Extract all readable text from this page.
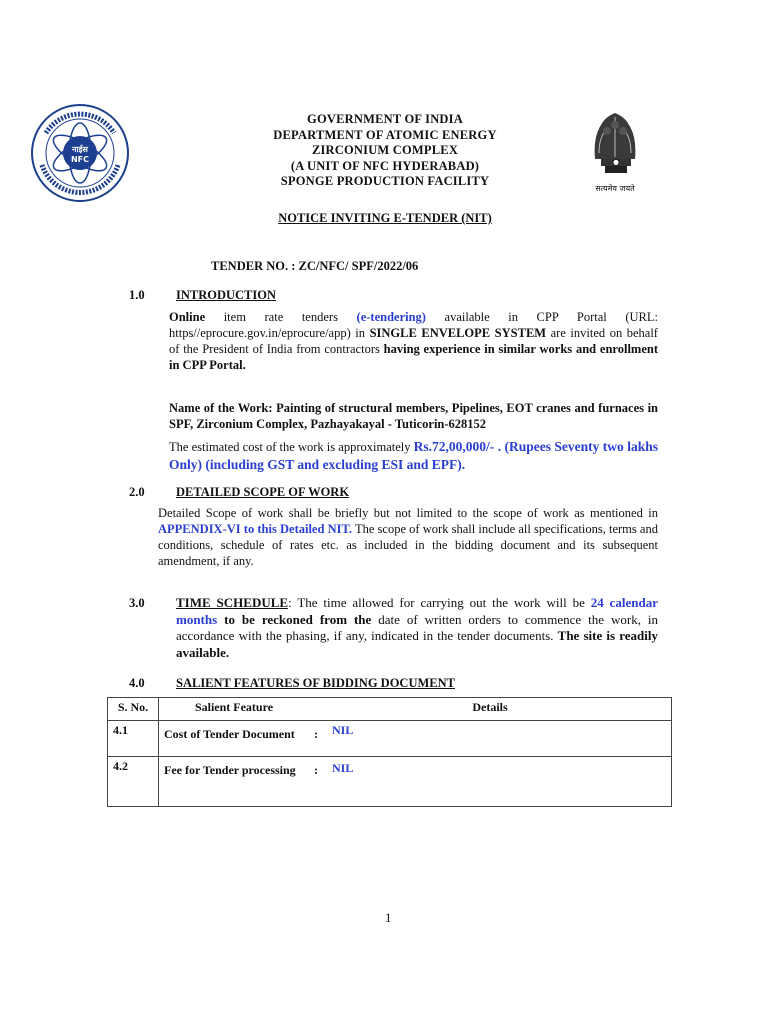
नाईस
NFC
सत्यमेव जयते
GOVERNMENT OF INDIA
DEPARTMENT OF ATOMIC ENERGY
ZIRCONIUM COMPLEX
(A UNIT OF NFC HYDERABAD)
SPONGE PRODUCTION FACILITY
NOTICE INVITING E-TENDER (NIT)
TENDER NO. : ZC/NFC/ SPF/2022/06
1.0	INTRODUCTION
Online item rate tenders (e-tendering) available in CPP Portal (URL: https//eprocure.gov.in/eprocure/app) in SINGLE ENVELOPE SYSTEM are invited on behalf of the President of India from contractors having experience in similar works and enrollment in CPP Portal.
Name of the Work: Painting of structural members, Pipelines, EOT cranes and furnaces in SPF, Zirconium Complex, Pazhayakayal - Tuticorin-628152
The estimated cost of the work is approximately Rs.72,00,000/- . (Rupees Seventy two lakhs Only) (including GST and excluding ESI and EPF).
2.0	DETAILED SCOPE OF WORK
Detailed Scope of work shall be briefly but not limited to the scope of work as mentioned in APPENDIX-VI to this Detailed NIT. The scope of work shall include all specifications, terms and conditions, schedule of rates etc. as included in the bidding document and its subsequent amendment, if any.
3.0 TIME SCHEDULE: The time allowed for carrying out the work will be 24 calendar months to be reckoned from the date of written orders to commence the work, in accordance with the phasing, if any, indicated in the tender documents. The site is readily available.
4.0	SALIENT FEATURES OF BIDDING DOCUMENT
S. No.	Salient Feature	Details	
4.1	Cost of Tender Document	:	NIL
4.2	Fee for Tender processing	:	NIL
1
